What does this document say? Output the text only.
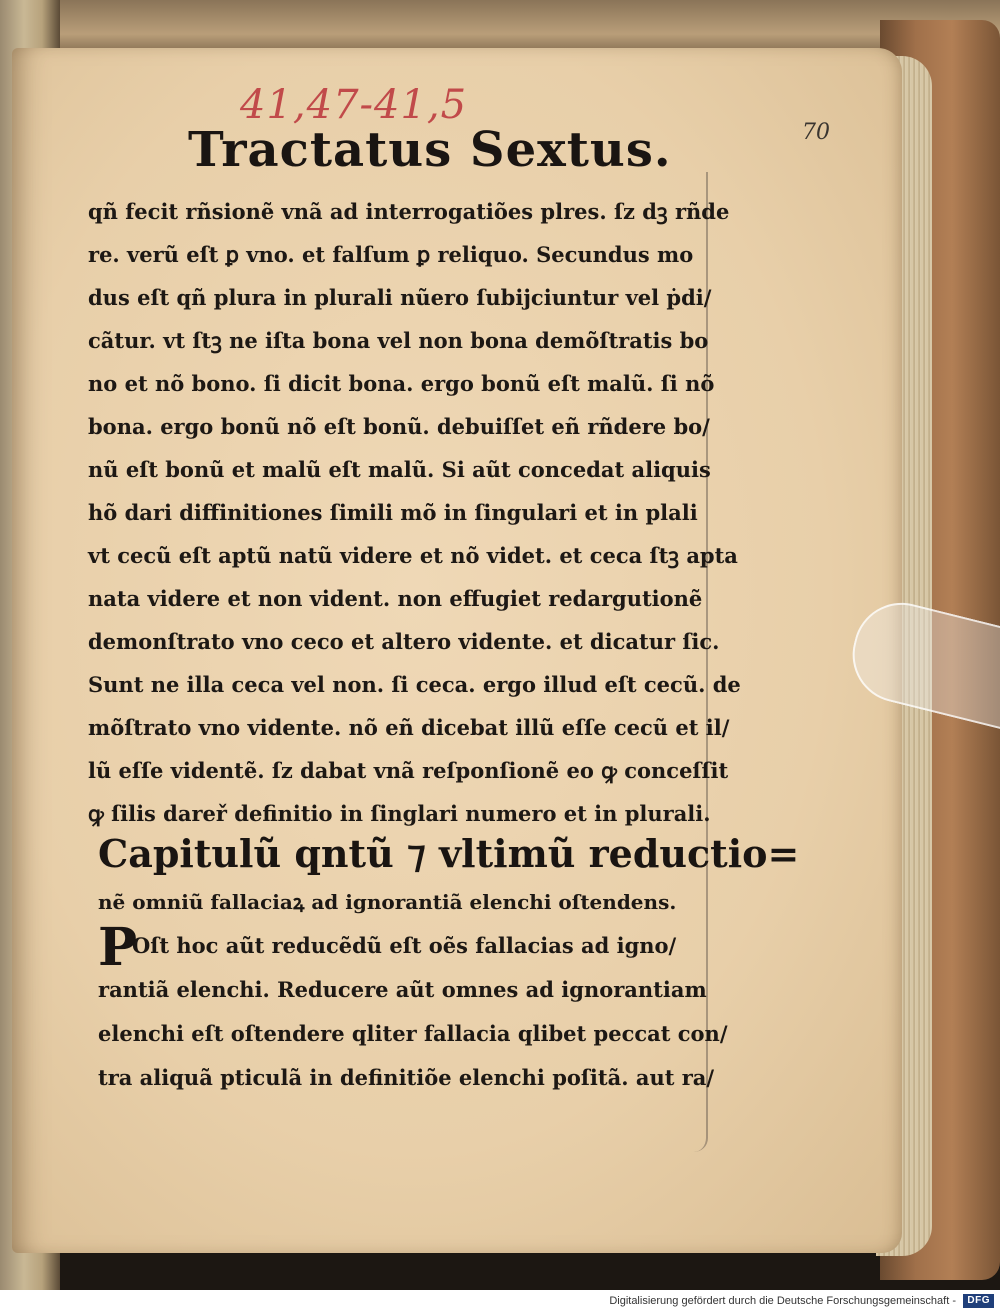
41,47-41,5
70
Tractatus Sextus.
qñ fecit rñsionẽ vnã ad interrogatiões plres. ſz dꝫ rñde
re. verũ eſt ꝑ vno. et falſum ꝑ reliquo. Secundus mo
dus eſt qñ plura in plurali nũero ſubijciuntur vel ṗdi/
cãtur. vt ſtꝫ ne iſta bona vel non bona demõſtratis bo
no et nõ bono. ſi dicit bona. ergo bonũ eſt malũ. ſi nõ
bona. ergo bonũ nõ eſt bonũ. debuiſſet eñ rñdere bo/
nũ eſt bonũ et malũ eſt malũ. Si aũt concedat aliquis
hõ dari diffinitiones ſimili mõ in ſingulari et in plali
vt cecũ eſt aptũ natũ videre et nõ videt. et ceca ſtꝫ apta
nata videre et non vident. non effugiet redargutionẽ
demonſtrato vno ceco et altero vidente. et dicatur ſic.
Sunt ne illa ceca vel non. ſi ceca. ergo illud eſt cecũ. de
mõſtrato vno vidente. nõ eñ dicebat illũ eſſe cecũ et il/
lũ eſſe videntẽ. ſz dabat vnã reſponſionẽ eo ꝙ conceſſit
ꝙ ſilis dareř definitio in ſinglari numero et in plurali.
Capitulũ qntũ ⁊ vltimũ reductio=
nẽ omniũ fallaciaꝝ ad ignorantiã elenchi oſtendens.
P
Oſt hoc aũt reducẽdũ eſt oẽs fallacias ad igno/
rantiã elenchi. Reducere aũt omnes ad ignorantiam
elenchi eſt oſtendere qliter fallacia qlibet peccat con/
tra aliquã pticulã in definitiõe elenchi poſitã. aut ra/
Digitalisierung gefördert durch die Deutsche Forschungsgemeinschaft -	DFG
